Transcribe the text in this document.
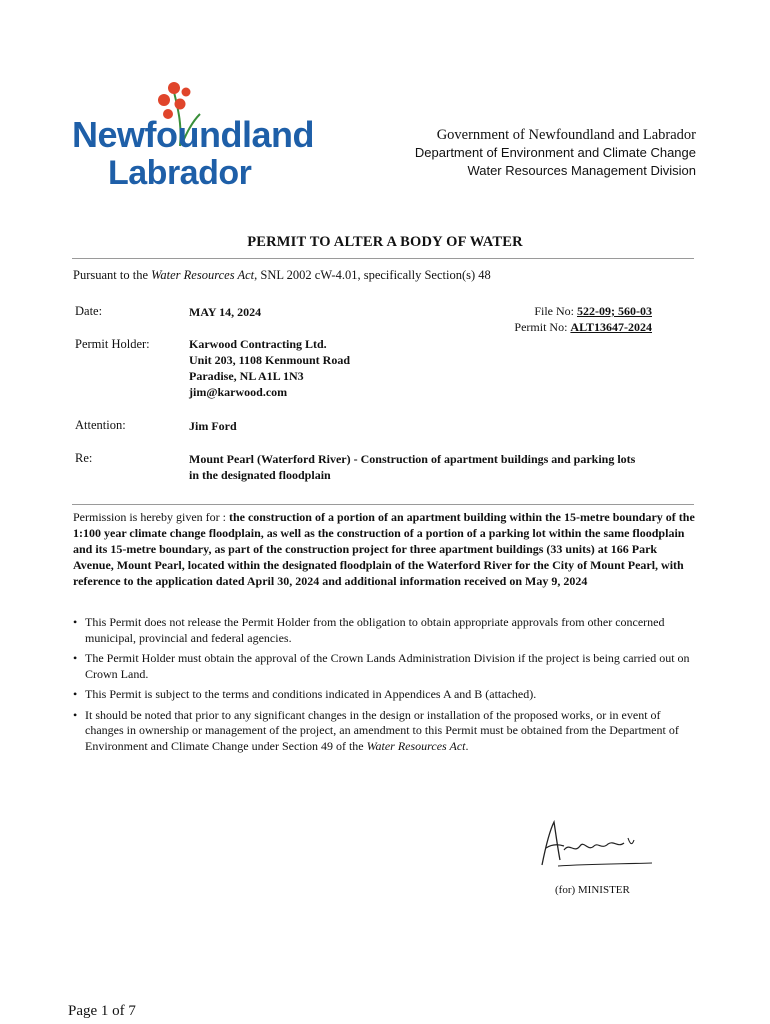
Newfoundland
Labrador
Government of Newfoundland and Labrador
Department of Environment and Climate Change
Water Resources Management Division
PERMIT TO ALTER A BODY OF WATER
Pursuant to the Water Resources Act, SNL 2002 cW-4.01, specifically Section(s) 48
Date:	MAY 14, 2024	File No: 522-09; 560-03
Permit No: ALT13647-2024
Permit Holder:	Karwood Contracting Ltd.
Unit 203, 1108 Kenmount Road
Paradise, NL A1L 1N3
jim@karwood.com
Attention:	Jim Ford
Re:	Mount Pearl (Waterford River) - Construction of apartment buildings and parking lots
in the designated floodplain
Permission is hereby given for : the construction of a portion of an apartment building within the 15-metre boundary of the 1:100 year climate change floodplain, as well as the construction of a portion of a parking lot within the same floodplain and its 15-metre boundary, as part of the construction project for three apartment buildings (33 units) at 166 Park Avenue, Mount Pearl, located within the designated floodplain of the Waterford River for the City of Mount Pearl, with reference to the application dated April 30, 2024 and additional information received on May 9, 2024
• This Permit does not release the Permit Holder from the obligation to obtain appropriate approvals from other concerned municipal, provincial and federal agencies.
• The Permit Holder must obtain the approval of the Crown Lands Administration Division if the project is being carried out on Crown Land.
• This Permit is subject to the terms and conditions indicated in Appendices A and B (attached).
• It should be noted that prior to any significant changes in the design or installation of the proposed works, or in event of changes in ownership or management of the project, an amendment to this Permit must be obtained from the Department of Environment and Climate Change under Section 49 of the Water Resources Act.
(for) MINISTER
Page 1 of 7
